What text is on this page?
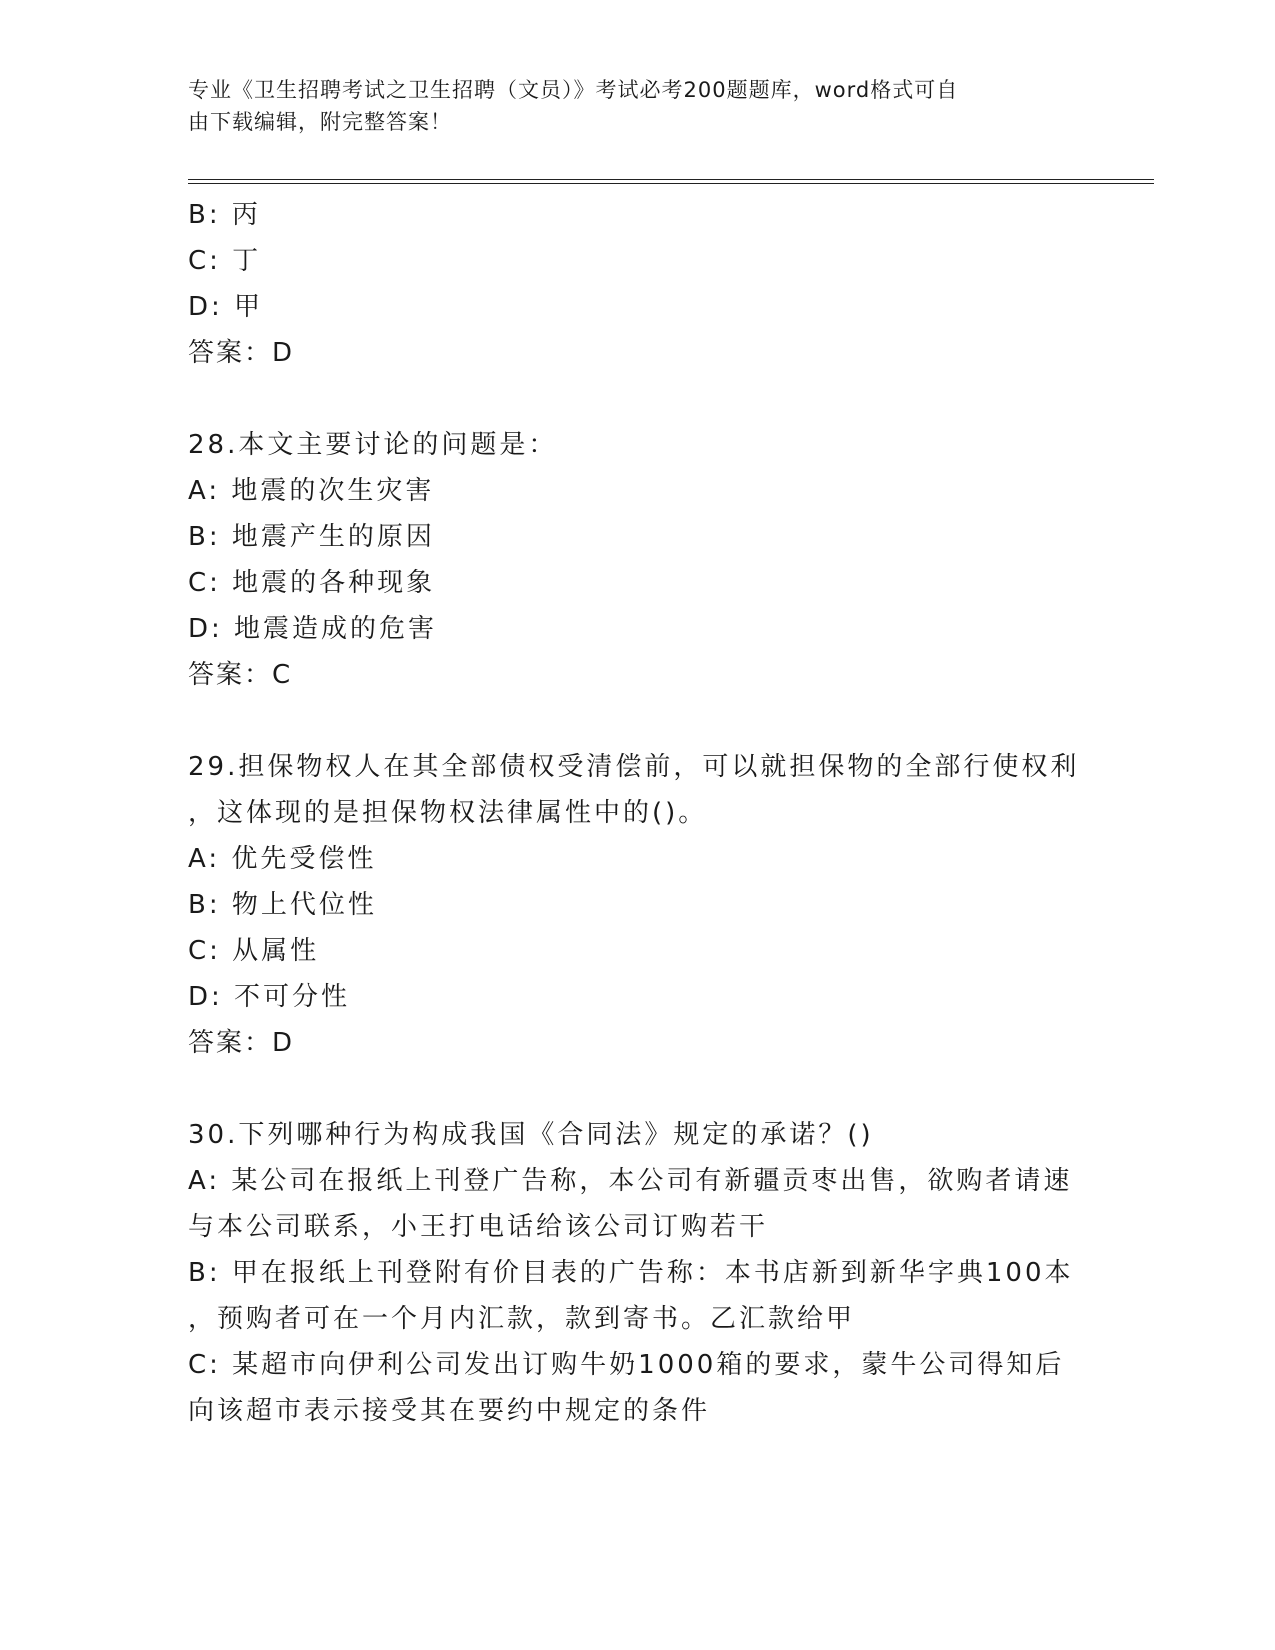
专业《卫生招聘考试之卫生招聘（文员）》考试必考200题题库，word格式可自
由下载编辑，附完整答案！
B: 丙
C: 丁
D: 甲
答案：D
28.本文主要讨论的问题是：
A: 地震的次生灾害
B: 地震产生的原因
C: 地震的各种现象
D: 地震造成的危害
答案：C
29.担保物权人在其全部债权受清偿前，可以就担保物的全部行使权利
，这体现的是担保物权法律属性中的()。
A: 优先受偿性
B: 物上代位性
C: 从属性
D: 不可分性
答案：D
30.下列哪种行为构成我国《合同法》规定的承诺？()
A: 某公司在报纸上刊登广告称，本公司有新疆贡枣出售，欲购者请速
与本公司联系，小王打电话给该公司订购若干
B: 甲在报纸上刊登附有价目表的广告称：本书店新到新华字典100本
，预购者可在一个月内汇款，款到寄书。乙汇款给甲
C: 某超市向伊利公司发出订购牛奶1000箱的要求，蒙牛公司得知后
向该超市表示接受其在要约中规定的条件
